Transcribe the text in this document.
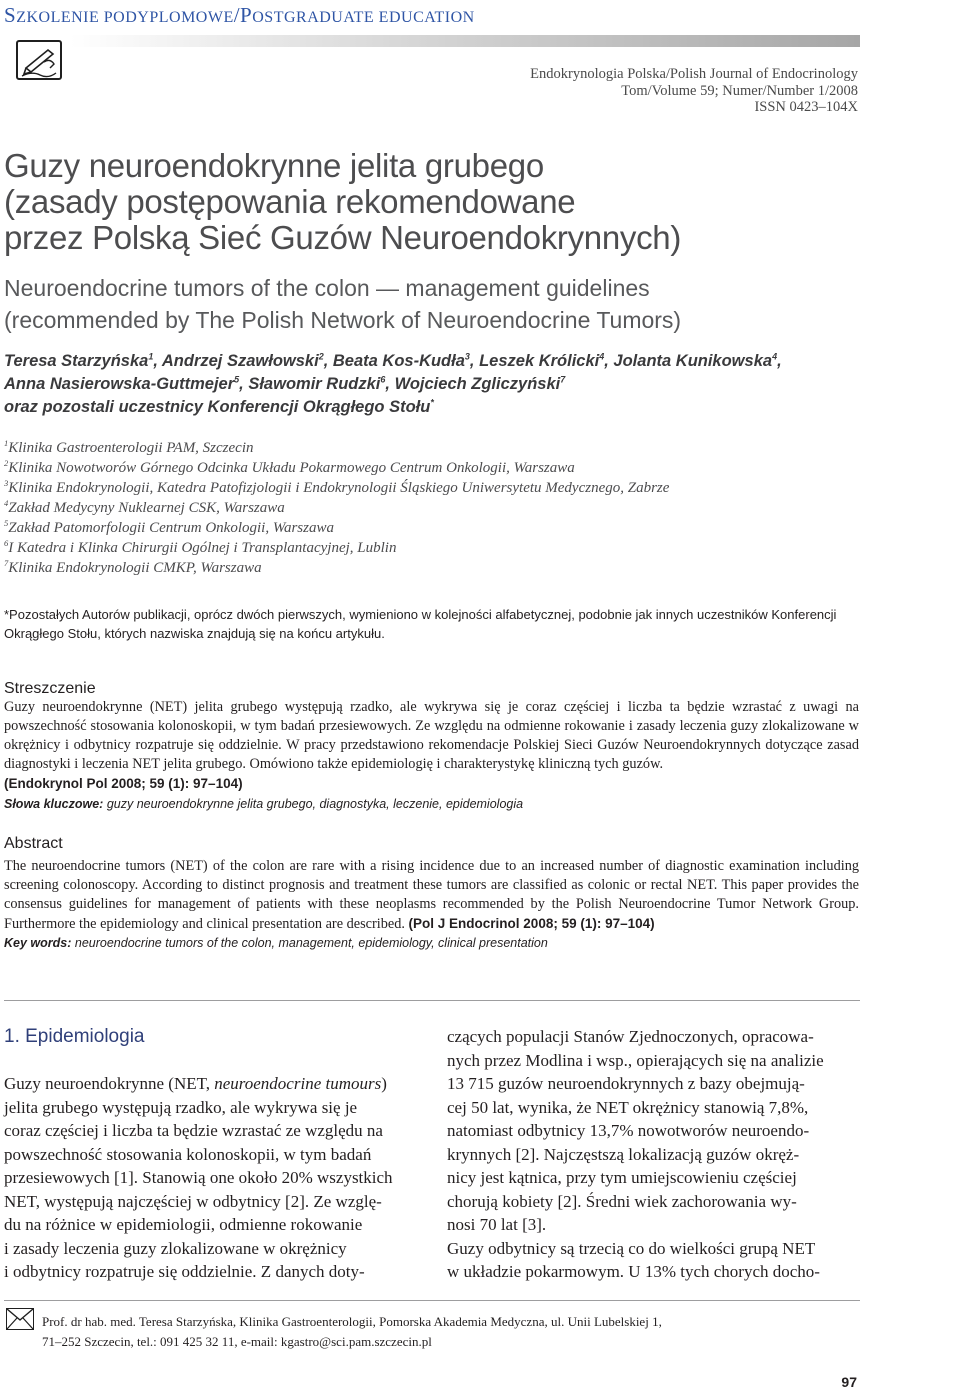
SZKOLENIE PODYPLOMOWE/POSTGRADUATE EDUCATION
Endokrynologia Polska/Polish Journal of Endocrinology
Tom/Volume 59; Numer/Number 1/2008
ISSN 0423–104X
Guzy neuroendokrynne jelita grubego
(zasady postępowania rekomendowane
przez Polską Sieć Guzów Neuroendokrynnych)
Neuroendocrine tumors of the colon — management guidelines
(recommended by The Polish Network of Neuroendocrine Tumors)
Teresa Starzyńska$^1$, Andrzej Szawłowski$^2$, Beata Kos-Kudła$^3$, Leszek Królicki$^4$, Jolanta Kunikowska$^4$,
Anna Nasierowska-Guttmejer$^5$, Sławomir Rudzki$^6$, Wojciech Zgliczyński$^7$
oraz pozostali uczestnicy Konferencji Okrągłego Stołu*
$^1$Klinika Gastroenterologii PAM, Szczecin
$^2$Klinika Nowotworów Górnego Odcinka Układu Pokarmowego Centrum Onkologii, Warszawa
$^3$Klinika Endokrynologii, Katedra Patofizjologii i Endokrynologii Śląskiego Uniwersytetu Medycznego, Zabrze
$^4$Zakład Medycyny Nuklearnej CSK, Warszawa
$^5$Zakład Patomorfologii Centrum Onkologii, Warszawa
$^6$I Katedra i Klinka Chirurgii Ogólnej i Transplantacyjnej, Lublin
$^7$Klinika Endokrynologii CMKP, Warszawa
*Pozostałych Autorów publikacji, oprócz dwóch pierwszych, wymieniono w kolejności alfabetycznej, podobnie jak innych uczestników Konferencji
Okrągłego Stołu, których nazwiska znajdują się na końcu artykułu.
Streszczenie
Guzy neuroendokrynne (NET) jelita grubego występują rzadko, ale wykrywa się je coraz częściej i liczba ta będzie wzrastać z uwagi na powszechność stosowania kolonoskopii, w tym badań przesiewowych. Ze względu na odmienne rokowanie i zasady leczenia guzy zlokalizowane w okrężnicy i odbytnicy rozpatruje się oddzielnie. W pracy przedstawiono rekomendacje Polskiej Sieci Guzów Neuroendokrynnych dotyczące zasad diagnostyki i leczenia NET jelita grubego. Omówiono także epidemiologię i charakterystykę kliniczną tych guzów.
(Endokrynol Pol 2008; 59 (1): 97–104)
Słowa kluczowe: guzy neuroendokrynne jelita grubego, diagnostyka, leczenie, epidemiologia
Abstract
The neuroendocrine tumors (NET) of the colon are rare with a rising incidence due to an increased number of diagnostic examination including screening colonoscopy. According to distinct prognosis and treatment these tumors are classified as colonic or rectal NET. This paper provides the consensus guidelines for management of patients with these neoplasms recommended by the Polish Neuroendocrine Tumor Network Group. Furthermore the epidemiology and clinical presentation are described. (Pol J Endocrinol 2008; 59 (1): 97–104)
Key words: neuroendocrine tumors of the colon, management, epidemiology, clinical presentation
1. Epidemiologia
Guzy neuroendokrynne (NET, neuroendocrine tumours)
jelita grubego występują rzadko, ale wykrywa się je
coraz częściej i liczba ta będzie wzrastać ze względu na
powszechność stosowania kolonoskopii, w tym badań
przesiewowych [1]. Stanowią one około 20% wszystkich
NET, występują najczęściej w odbytnicy [2]. Ze wzglę-
du na różnice w epidemiologii, odmienne rokowanie
i zasady leczenia guzy zlokalizowane w okrężnicy
i odbytnicy rozpatruje się oddzielnie. Z danych doty-
czących populacji Stanów Zjednoczonych, opracowa-
nych przez Modlina i wsp., opierających się na analizie
13 715 guzów neuroendokrynnych z bazy obejmują-
cej 50 lat, wynika, że NET okrężnicy stanowią 7,8%,
natomiast odbytnicy 13,7% nowotworów neuroendo-
krynnych [2]. Najczęstszą lokalizacją guzów okręż-
nicy jest kątnica, przy tym umiejscowieniu częściej
chorują kobiety [2]. Średni wiek zachorowania wy-
nosi 70 lat [3].
Guzy odbytnicy są trzecią co do wielkości grupą NET
w układzie pokarmowym. U 13% tych chorych docho-
Prof. dr hab. med. Teresa Starzyńska, Klinika Gastroenterologii, Pomorska Akademia Medyczna, ul. Unii Lubelskiej 1,
71–252 Szczecin, tel.: 091 425 32 11, e-mail: kgastro@sci.pam.szczecin.pl
97
